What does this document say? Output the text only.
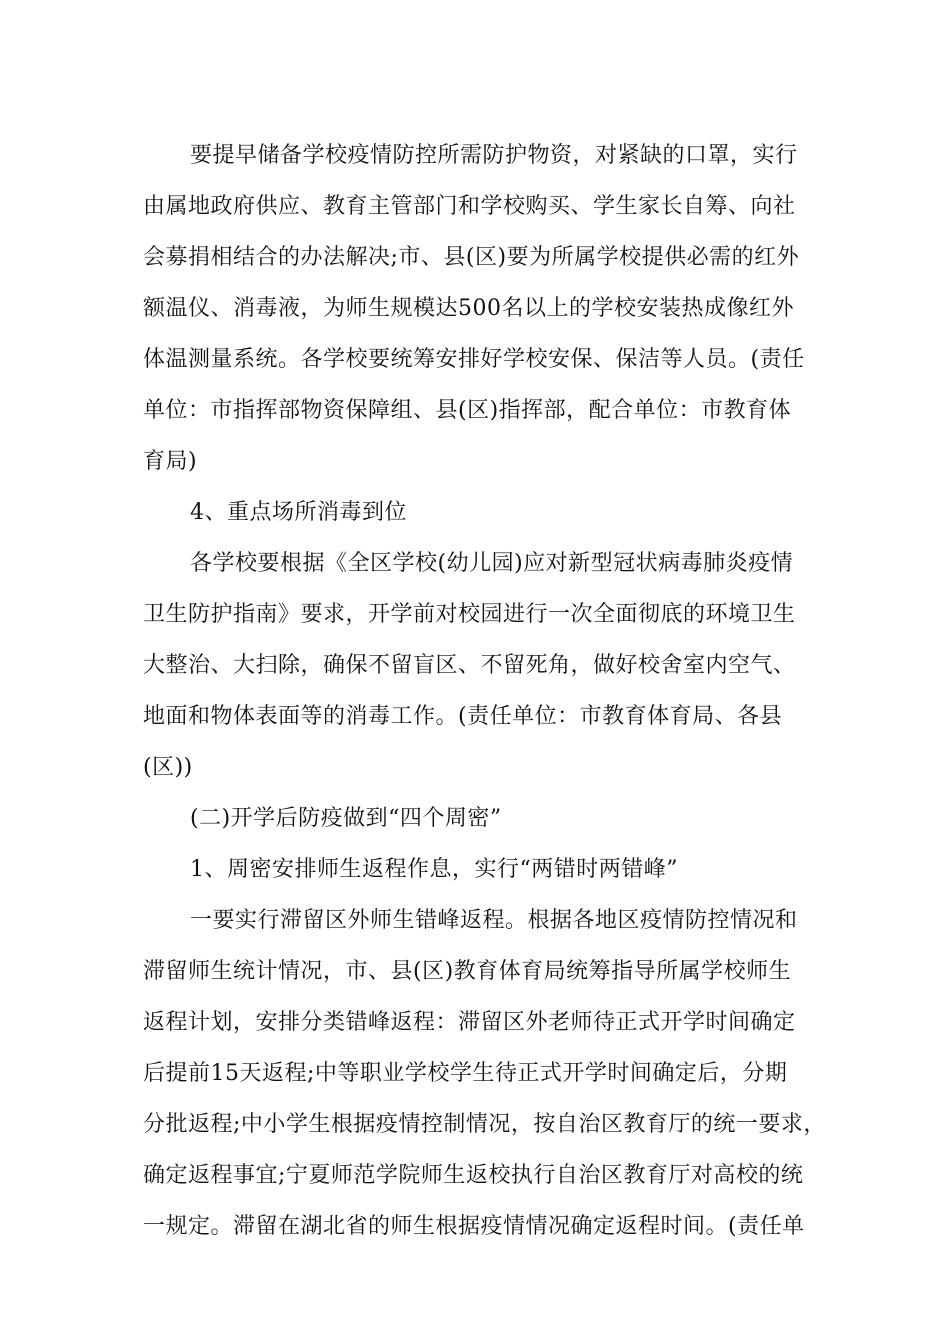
要提早储备学校疫情防控所需防护物资，对紧缺的口罩，实行
由属地政府供应、教育主管部门和学校购买、学生家长自筹、向社
会募捐相结合的办法解决;市、县(区)要为所属学校提供必需的红外
额温仪、消毒液，为师生规模达500名以上的学校安装热成像红外
体温测量系统。各学校要统筹安排好学校安保、保洁等人员。(责任
单位：市指挥部物资保障组、县(区)指挥部，配合单位：市教育体
育局)
4、重点场所消毒到位
各学校要根据《全区学校(幼儿园)应对新型冠状病毒肺炎疫情
卫生防护指南》要求，开学前对校园进行一次全面彻底的环境卫生
大整治、大扫除，确保不留盲区、不留死角，做好校舍室内空气、
地面和物体表面等的消毒工作。(责任单位：市教育体育局、各县
(区))
(二)开学后防疫做到“四个周密”
1、周密安排师生返程作息，实行“两错时两错峰”
一要实行滞留区外师生错峰返程。根据各地区疫情防控情况和
滞留师生统计情况，市、县(区)教育体育局统筹指导所属学校师生
返程计划，安排分类错峰返程：滞留区外老师待正式开学时间确定
后提前15天返程;中等职业学校学生待正式开学时间确定后，分期
分批返程;中小学生根据疫情控制情况，按自治区教育厅的统一要求，
确定返程事宜;宁夏师范学院师生返校执行自治区教育厅对高校的统
一规定。滞留在湖北省的师生根据疫情情况确定返程时间。(责任单
